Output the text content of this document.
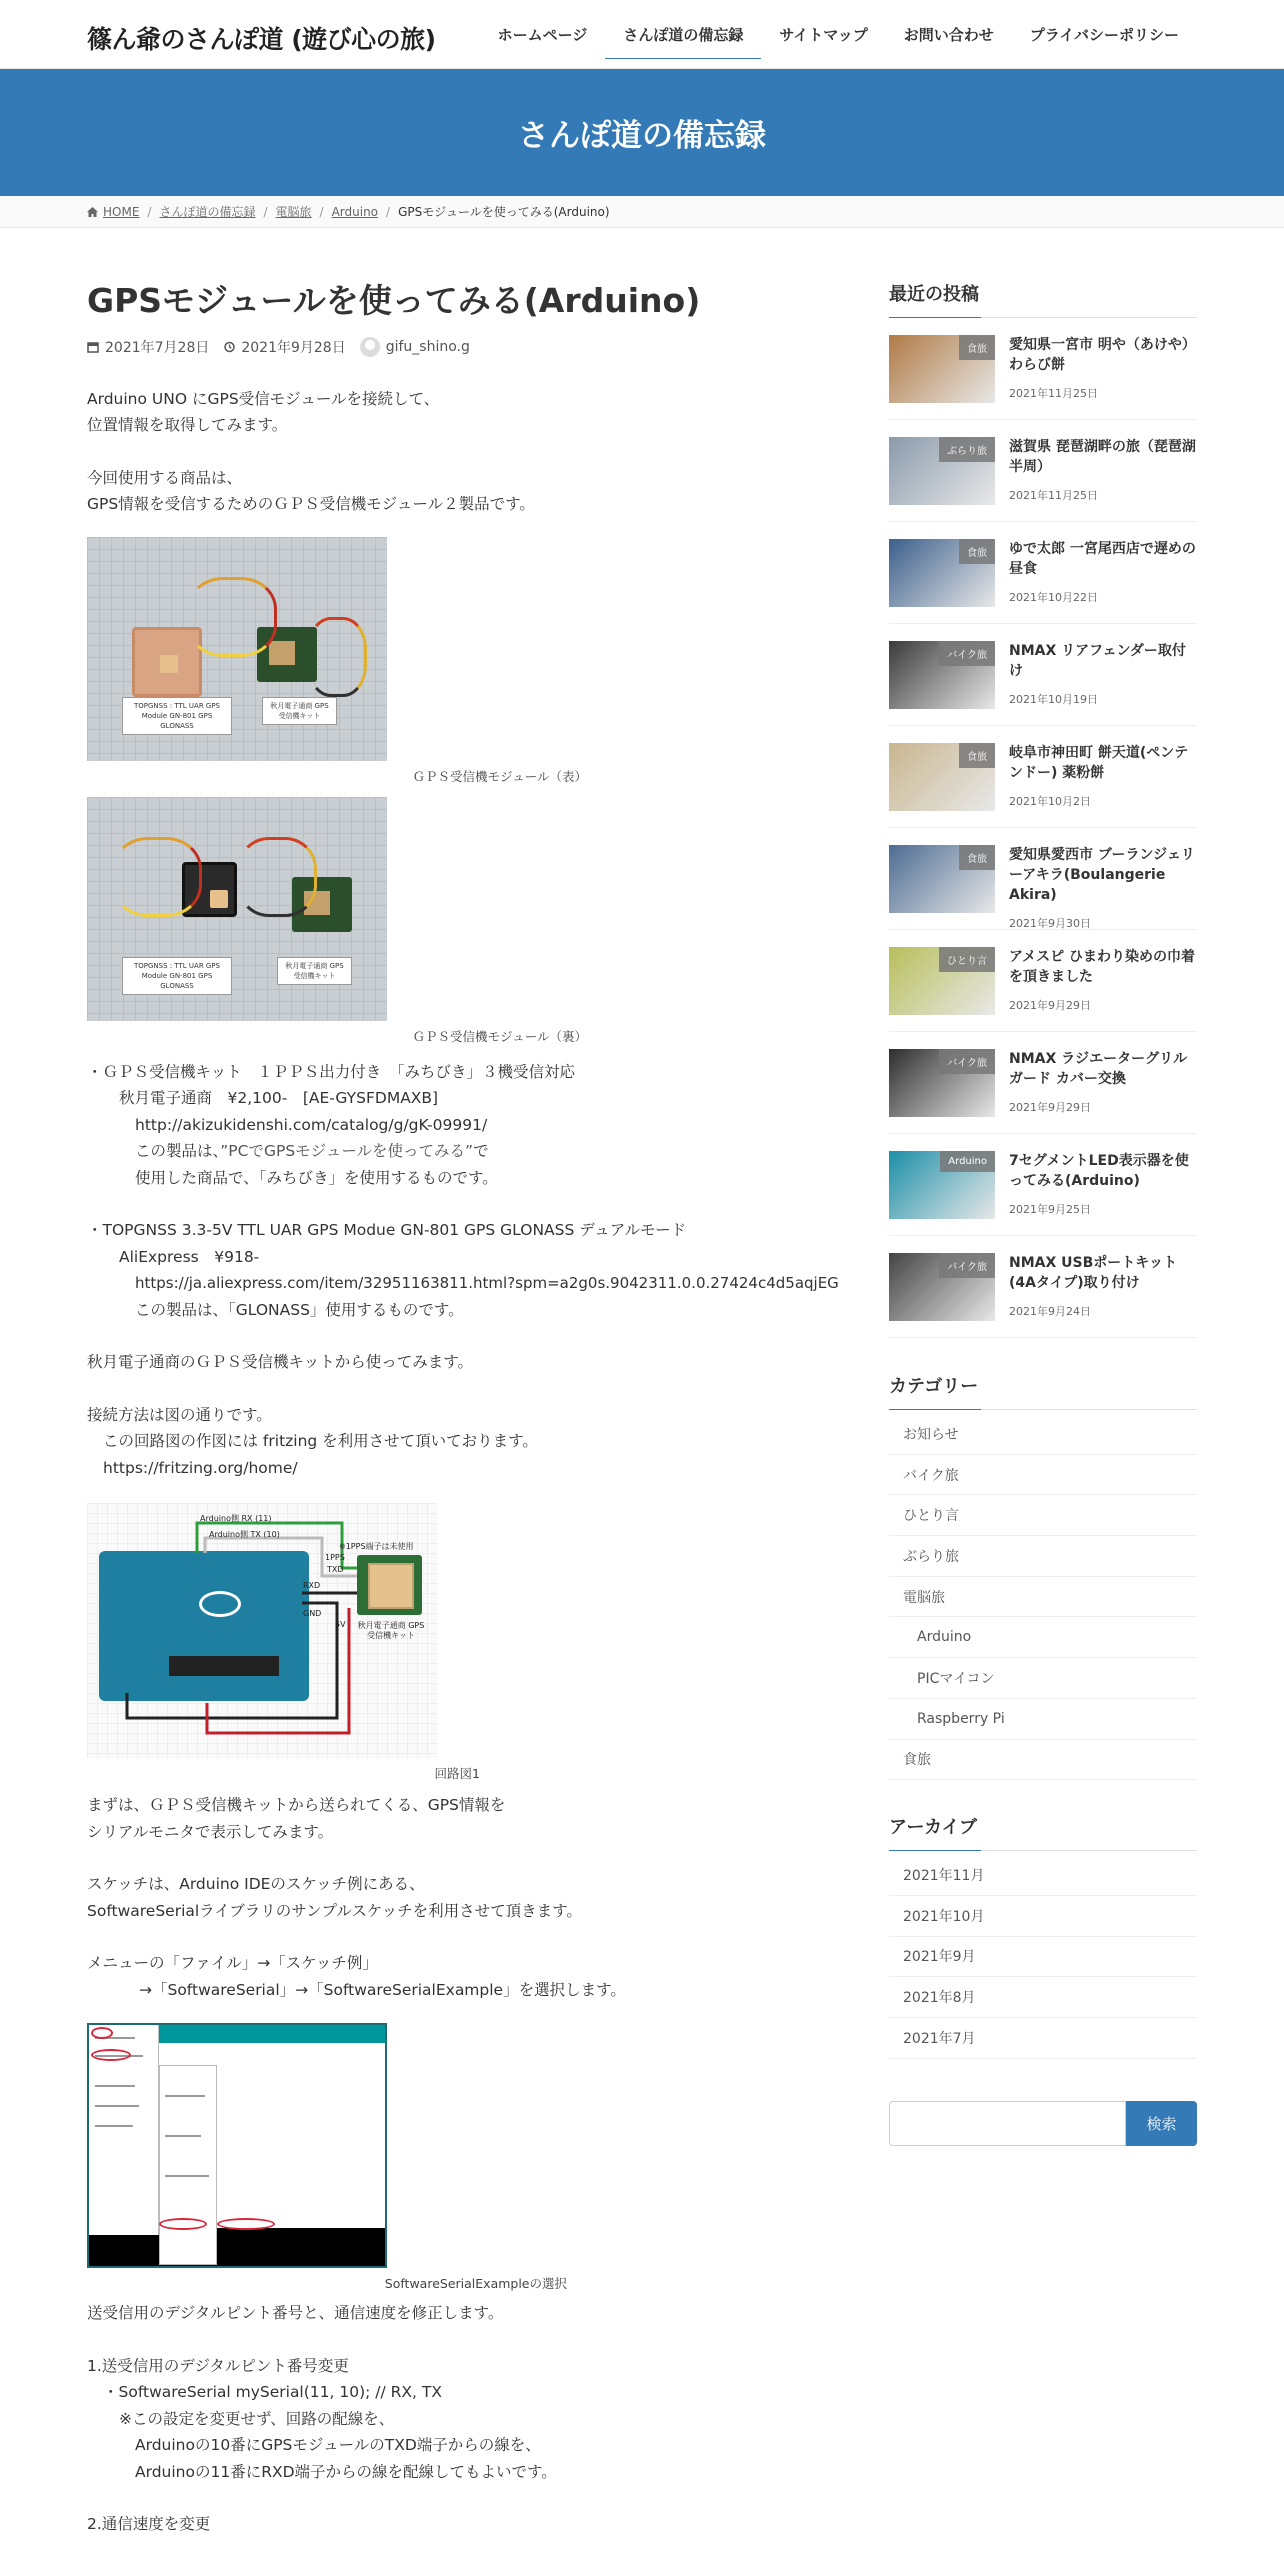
篠ん爺のさんぽ道 (遊び心の旅)	ホームページ	さんぽ道の備忘録	サイトマップ	お問い合わせ	プライバシーポリシー
さんぽ道の備忘録
HOME / さんぽ道の備忘録 / 電脳旅 / Arduino / GPSモジュールを使ってみる(Arduino)
GPSモジュールを使ってみる(Arduino)
2021年7月28日 2021年9月28日	gifu_shino.g
Arduino UNO にGPS受信モジュールを接続して、
位置情報を取得してみます。
今回使用する商品は、
GPS情報を受信するためのＧＰＳ受信機モジュール２製品です。
TOPGNSS : TTL UAR GPS Module GN-801 GPS GLONASS
秋月電子通商 GPS受信機キット
ＧＰＳ受信機モジュール（表）
TOPGNSS : TTL UAR GPS Module GN-801 GPS GLONASS
秋月電子通商 GPS受信機キット
ＧＰＳ受信機モジュール（裏）
・ＧＰＳ受信機キット　１ＰＰＳ出力付き　「みちびき」３機受信対応
秋月電子通商　¥2,100-　[AE-GYSFDMAXB]
http://akizukidenshi.com/catalog/g/gK-09991/
この製品は、”PCでGPSモジュールを使ってみる”で
使用した商品で、「みちびき」を使用するものです。
・TOPGNSS 3.3-5V TTL UAR GPS Modue GN-801 GPS GLONASS デュアルモード
AliExpress　¥918-
https://ja.aliexpress.com/item/32951163811.html?spm=a2g0s.9042311.0.0.27424c4d5aqjEG
この製品は、「GLONASS」使用するものです。
秋月電子通商のＧＰＳ受信機キットから使ってみます。
接続方法は図の通りです。
この回路図の作図には fritzing を利用させて頂いております。
https://fritzing.org/home/
Arduino側 RX (11)
Arduino側 TX (10)
※1PPS端子は未使用
1PPS
TXD
RXD
GND
5V	秋月電子通商 GPS受信機キット
回路図1
まずは、ＧＰＳ受信機キットから送られてくる、GPS情報を
シリアルモニタで表示してみます。
スケッチは、Arduino IDEのスケッチ例にある、
SoftwareSerialライブラリのサンプルスケッチを利用させて頂きます。
メニューの「ファイル」→「スケッチ例」
→「SoftwareSerial」→「SoftwareSerialExample」を選択します。
SoftwareSerialExampleの選択
送受信用のデジタルピント番号と、通信速度を修正します。
1.送受信用のデジタルピント番号変更
・SoftwareSerial mySerial(11, 10); // RX, TX
※この設定を変更せず、回路の配線を、
Arduinoの10番にGPSモジュールのTXD端子からの線を、
Arduinoの11番にRXD端子からの線を配線してもよいです。
2.通信速度を変更
最近の投稿
食旅	愛知県一宮市 明や（あけや） わらび餅
2021年11月25日
ぶらり旅	滋賀県 琵琶湖畔の旅（琵琶湖半周）
2021年11月25日
食旅	ゆで太郎 一宮尾西店で遅めの昼食
2021年10月22日
バイク旅	NMAX リアフェンダー取付け
2021年10月19日
食旅	岐阜市神田町 餅天道(ペンテンドー) 薬粉餅
2021年10月2日
食旅	愛知県愛西市 ブーランジェリーアキラ(Boulangerie Akira)
2021年9月30日
ひとり言	アメスピ ひまわり染めの巾着を頂きました
2021年9月29日
バイク旅	NMAX ラジエーターグリルガード カバー交換
2021年9月29日
Arduino	7セグメントLED表示器を使ってみる(Arduino)
2021年9月25日
バイク旅	NMAX USBポートキット(4Aタイプ)取り付け
2021年9月24日
カテゴリー
お知らせ
バイク旅
ひとり言
ぶらり旅
電脳旅
Arduino
PICマイコン
Raspberry Pi
食旅
アーカイブ
2021年11月
2021年10月
2021年9月
2021年8月
2021年7月
検索
